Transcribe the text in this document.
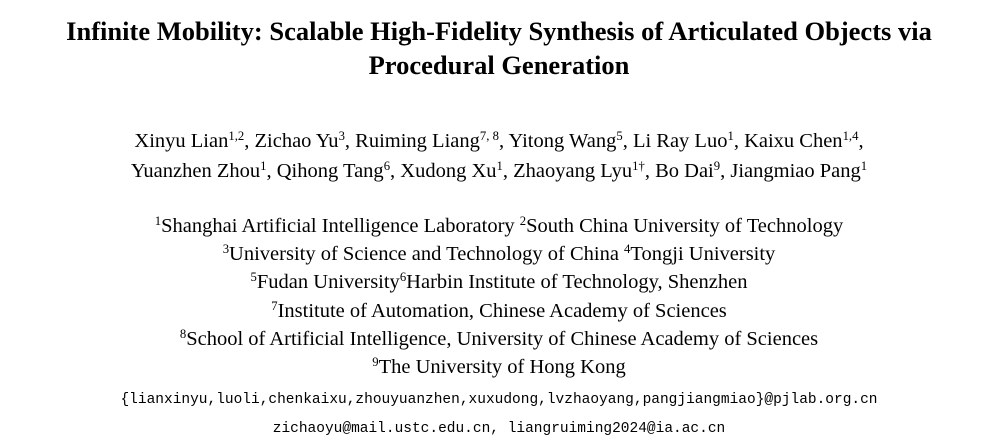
Infinite Mobility: Scalable High-Fidelity Synthesis of Articulated Objects via
Procedural Generation
Xinyu Lian$^{1,2}$, Zichao Yu$^3$, Ruiming Liang$^{7, 8}$, Yitong Wang$^5$, Li Ray Luo$^1$, Kaixu Chen$^{1,4}$,
Yuanzhen Zhou$^1$, Qihong Tang$^6$, Xudong Xu$^1$, Zhaoyang Lyu$^{1\dagger}$, Bo Dai$^9$, Jiangmiao Pang$^1$
$^1$Shanghai Artificial Intelligence Laboratory $^2$South China University of Technology
$^3$University of Science and Technology of China $^4$Tongji University
$^5$Fudan University$^6$Harbin Institute of Technology, Shenzhen
$^7$Institute of Automation, Chinese Academy of Sciences
$^8$School of Artificial Intelligence, University of Chinese Academy of Sciences
$^9$The University of Hong Kong
{lianxinyu,luoli,chenkaixu,zhouyuanzhen,xuxudong,lvzhaoyang,pangjiangmiao}@pjlab.org.cn
zichaoyu@mail.ustc.edu.cn, liangruiming2024@ia.ac.cn
